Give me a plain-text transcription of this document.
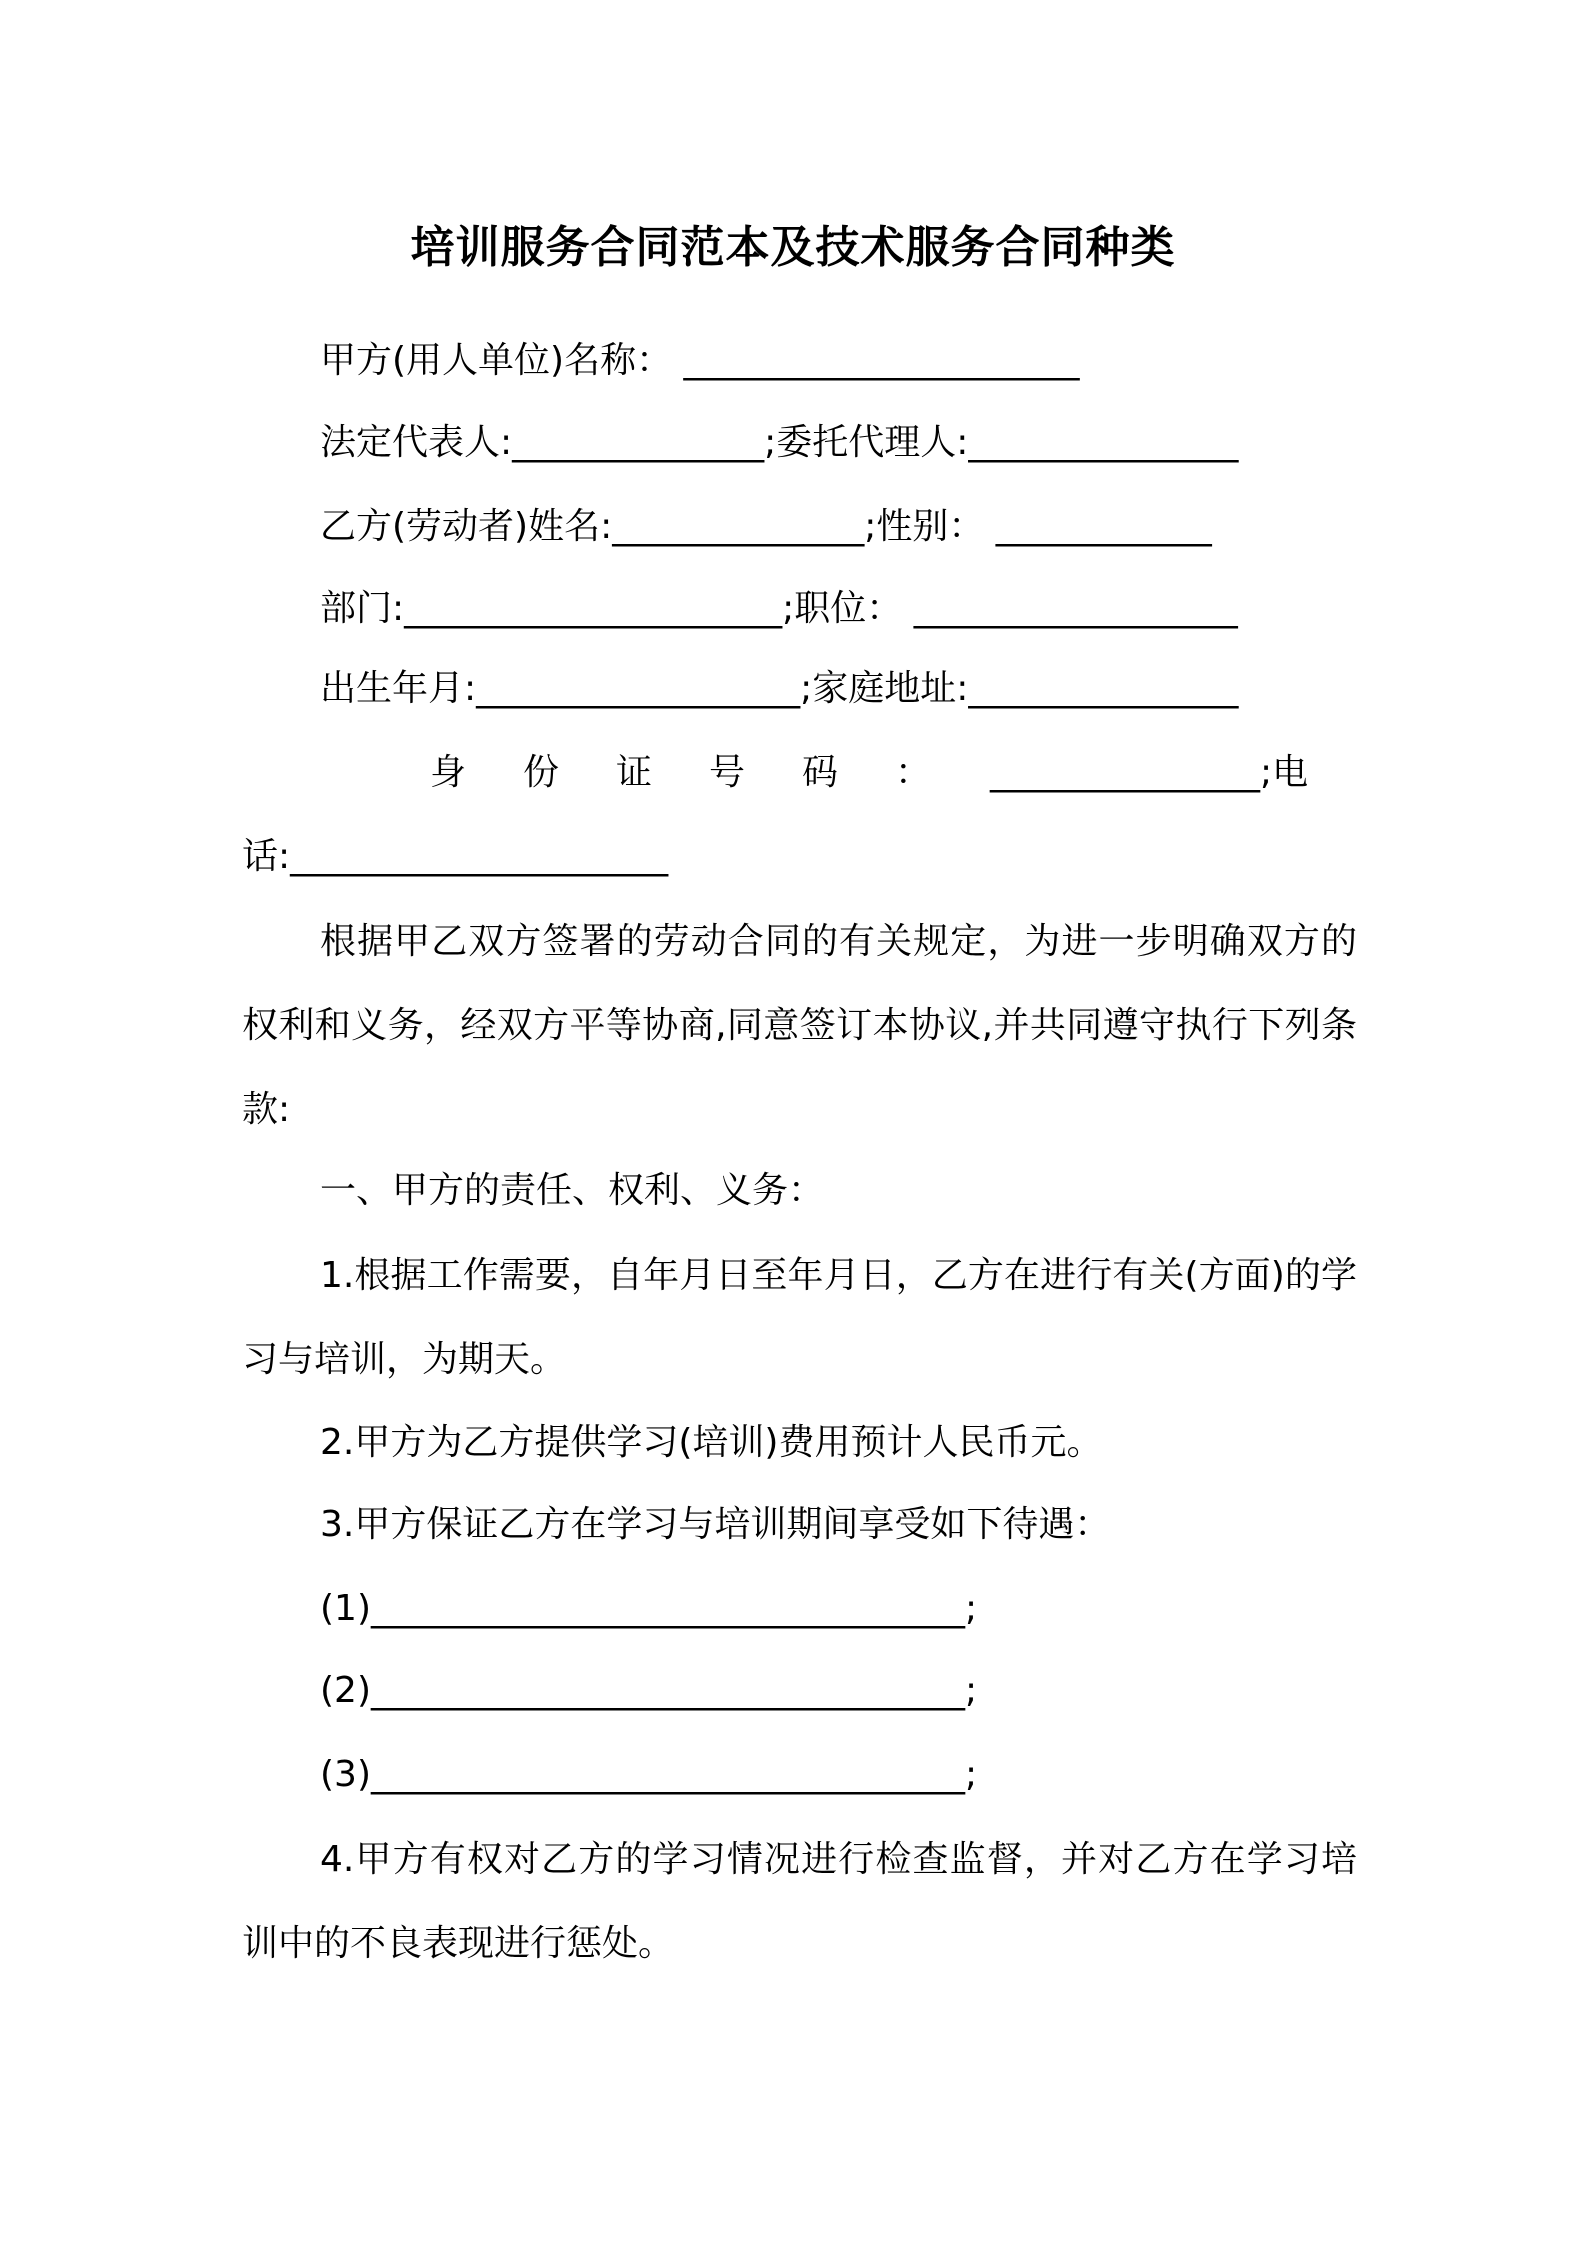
培训服务合同范本及技术服务合同种类
甲方(用人单位)名称： ______________________
法定代表人:______________;委托代理人:_______________
乙方(劳动者)姓名:______________;性别： ____________
部门:_____________________;职位： __________________
出生年月:__________________;家庭地址:_______________
身 份 证 号 码 ： _______________;电
话:_____________________
根据甲乙双方签署的劳动合同的有关规定，为进一步明确双方的权利和义务，经双方平等协商,同意签订本协议,并共同遵守执行下列条款:
一、甲方的责任、权利、义务：
1.根据工作需要，自年月日至年月日，乙方在进行有关(方面)的学习与培训，为期天。
2.甲方为乙方提供学习(培训)费用预计人民币元。
3.甲方保证乙方在学习与培训期间享受如下待遇：
(1)_________________________________;
(2)_________________________________;
(3)_________________________________;
4.甲方有权对乙方的学习情况进行检查监督，并对乙方在学习培训中的不良表现进行惩处。
